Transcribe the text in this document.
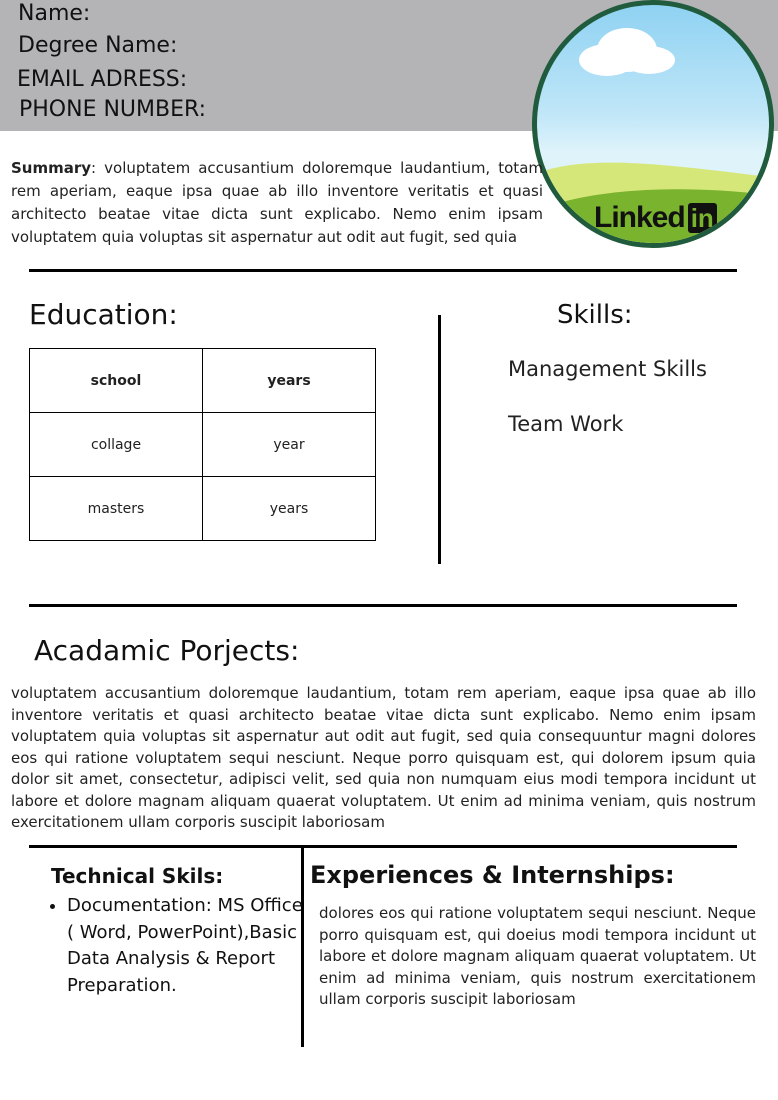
Name:
Degree Name:
EMAIL ADRESS:
PHONE NUMBER:
Linked in
Summary: voluptatem accusantium doloremque laudantium, totam rem aperiam, eaque ipsa quae ab illo inventore veritatis et quasi architecto beatae vitae dicta sunt explicabo. Nemo enim ipsam voluptatem quia voluptas sit aspernatur aut odit aut fugit, sed quia
Education:
school	years
collage	year
masters	years
Skills:
Management Skills
Team Work
Acadamic Porjects:
voluptatem accusantium doloremque laudantium, totam rem aperiam, eaque ipsa quae ab illo inventore veritatis et quasi architecto beatae vitae dicta sunt explicabo. Nemo enim ipsam voluptatem quia voluptas sit aspernatur aut odit aut fugit, sed quia consequuntur magni dolores eos qui ratione voluptatem sequi nesciunt. Neque porro quisquam est, qui dolorem ipsum quia dolor sit amet, consectetur, adipisci velit, sed quia non numquam eius modi tempora incidunt ut labore et dolore magnam aliquam quaerat voluptatem. Ut enim ad minima veniam, quis nostrum exercitationem ullam corporis suscipit laboriosam
Technical Skils:
• Documentation: MS Office ( Word, PowerPoint),Basic Data Analysis & Report Preparation.
Experiences & Internships:
dolores eos qui ratione voluptatem sequi nesciunt. Neque porro quisquam est, qui doeius modi tempora incidunt ut labore et dolore magnam aliquam quaerat voluptatem. Ut enim ad minima veniam, quis nostrum exercitationem ullam corporis suscipit laboriosam
